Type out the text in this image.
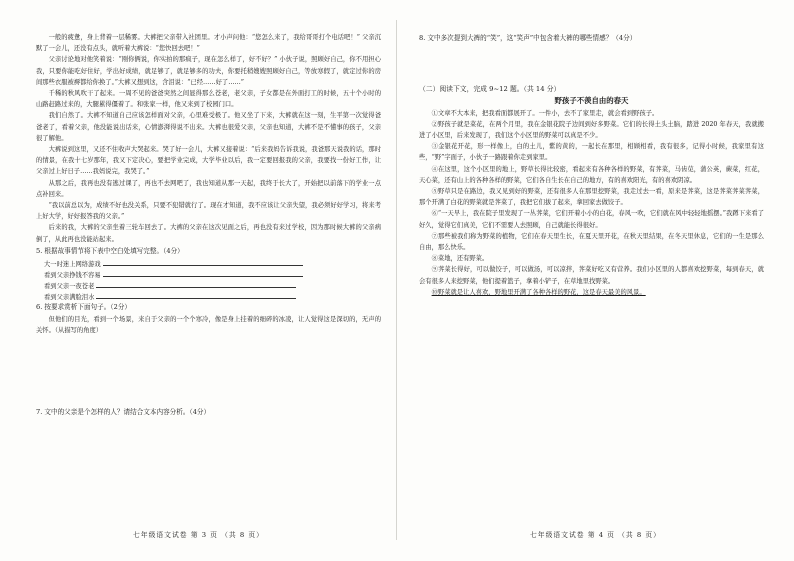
一般的疲惫，身上背着一层稀雾。大裤把父亲带入社团里。才小声问他：“您怎么来了，我给哥哥打个电话吧！” 父亲沉默了一会儿，还没有点头，就听着大裤说：“您快回去吧！”

父亲讨论地对他笑着说：“刚你俩说，你实拍的那疯子，现在怎么样了，好不好？” 小伙子说，照顾好自己，你不用担心我，只要你能吃好住好，学出好成绩，就足够了，就足够多的功夫，你要托稍嫂嫂照顾好自己，等放寒假了，就定过你的房间那些衣服被褥都给你换了。”大裤又想到这，含泪说：“已经……好了……”

千稀的秋风吹干了起来。一周不见的爸爸突然之间显得那么苍老，老父亲，子女都是在外面打工的时候，五十个小时的山路赶路过来的，大腿累得僵着了。和张家一样，他又来到了校园门口。

我们自然了。大裤不知道自己应该怎样面对父亲，心里难受极了。他又坐了下来，大裤就在这一刻，生平第一次觉得爸爸老了，看着父亲，他没能说出话来，心情澎湃得说不出来。大裤也很爱父亲，父亲也知道，大裤不是不懂事的孩子，父亲很了解他。

大裤说到这里，又还不住收声大哭起来。哭了好一会儿，大裤又接着说：“后来我妈告诉我说，我爸那天说我的话，那时的情景，在我十七岁那年，我又下定决心，要把学业完成，大学毕业以后，我一定要回报我的父亲，我要找一份好工作，让父亲过上好日子……我妈说完，我哭了。”

从那之后，我再也没有逃过课了，再也不去网吧了，我也知道从那一天起，我终于长大了，开始把以前落下的学业一点点补回来。

“我以前总以为，成绩不好也没关系，只要不犯错就行了。现在才知道，我不应该让父亲失望，我必须好好学习，将来考上好大学，好好报答我的父亲。”

后来的我，大裤的父亲坐着三轮车回去了。大裤的父亲在这次见面之后，再也没有来过学校，因为那时候大裤的父亲病倒了，从此再也没能站起来。

5. 根据故事情节将下表中空白处填写完整。（4分）

大一时迷上网络游戏
看到父亲挣钱不容易
看到父亲一夜苍老
看到父亲满脸泪水

6. 按要求赏析下面句子。（2分）

但他们的目光，看到一个场景，来自于父亲的一个个寒冷，像是身上挂着的细碎的冰凌，让人觉得这是深切的，无声的关怀。（从描写的角度）

7. 文中的父亲是个怎样的人？请结合文本内容分析。（4分）

七年级语文试卷 第 3 页 （共 8 页）

8. 文中多次提到大裤的“笑”，这“笑声”中包含着大裤的哪些情感？（4分）

（二）阅读下文，完成 9~12 题。（共 14 分）
野孩子不羡自由的春天

①文章不大本来，把我看面都展开了。一件小，去不了家里走，就会看到野孩子。

②野孩子就是菜花，在两个月里，我在金银花院子边间到好多野菜。它们的长得土头土脑，踏进 2020 年春天，我就搬进了小区里，后来发现了，我们这个小区里的野菜可以真是不少。

③金银花开花，形一样像上，白的土儿，紫的黄的，一起长在那里，相顾相看，我有很多，记得小时候，我家里有这些，“野”字面子，小伙子一路跟着你走到家里。

④在这里，这个小区里的地上，野草长得比较密，看起来有各种各样的野菜，有荠菜，马齿苋，蒲公英，蕨菜，红花，天心菜，还有山上的各种各样的野菜，它们各自生长在自己的地方，有的喜欢阳光，有的喜欢阴凉。

⑤野草只是在路边，我又见到好的野菜，还有很多人在那里挖野菜，我走过去一看，原来是荠菜，这是荠菜荠菜荠菜，那个开满了白花的野菜就是荠菜了，我把它们拔了起来，拿回家去做饺子。

⑥“一天早上，我在院子里发现了一丛荠菜，它们开着小小的白花，春风一吹，它们就在风中轻轻地摇摆。”我蹲下来看了好久，觉得它们真美，它们不需要人去照顾，自己就能长得很好。

⑦那些被我们称为野菜的植物，它们在春天里生长，在夏天里开花，在秋天里结果，在冬天里休息，它们的一生是那么自由，那么快乐。

⑧菜地，还有野菜。

⑨荠菜长得好，可以做饺子，可以做汤，可以凉拌，荠菜好吃又有营养。我们小区里的人都喜欢挖野菜，每到春天，就会有很多人来挖野菜，他们提着篮子，拿着小铲子，在草地里找野菜。

⑩野菜就是让人喜欢，野地里开满了各种各样的野花，这是春天最美的风景。

七年级语文试卷 第 4 页 （共 8 页）
